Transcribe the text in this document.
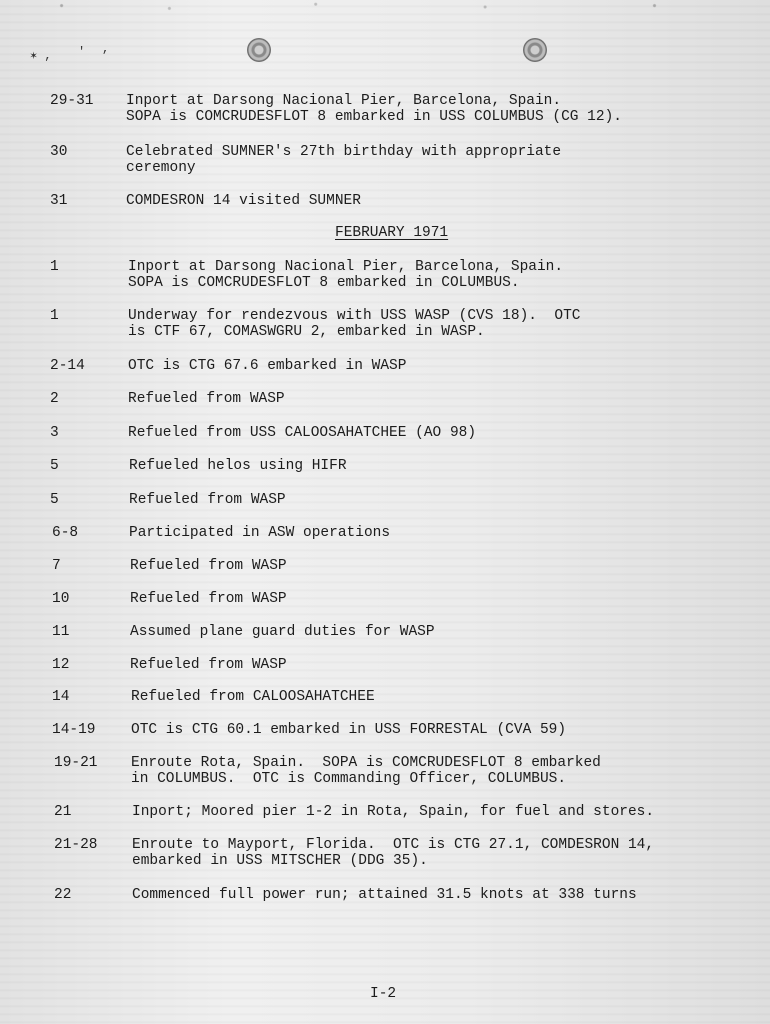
✶ , ' ,
29-31 Inport at Darsong Nacional Pier, Barcelona, Spain.
SOPA is COMCRUDESFLOT 8 embarked in USS COLUMBUS (CG 12).
30	Celebrated SUMNER's 27th birthday with appropriate
ceremony
31	COMDESRON 14 visited SUMNER
FEBRUARY 1971
1	Inport at Darsong Nacional Pier, Barcelona, Spain.
SOPA is COMCRUDESFLOT 8 embarked in COLUMBUS.
1	Underway for rendezvous with USS WASP (CVS 18).  OTC
is CTF 67, COMASWGRU 2, embarked in WASP.
2-14	OTC is CTG 67.6 embarked in WASP
2	Refueled from WASP
3	Refueled from USS CALOOSAHATCHEE (AO 98)
5	Refueled helos using HIFR
5	Refueled from WASP
6-8	Participated in ASW operations
7	Refueled from WASP
10	Refueled from WASP
11	Assumed plane guard duties for WASP
12	Refueled from WASP
14	Refueled from CALOOSAHATCHEE
14-19 OTC is CTG 60.1 embarked in USS FORRESTAL (CVA 59)
19-21 Enroute Rota, Spain.  SOPA is COMCRUDESFLOT 8 embarked
in COLUMBUS.  OTC is Commanding Officer, COLUMBUS.
21	Inport; Moored pier 1-2 in Rota, Spain, for fuel and stores.
21-28 Enroute to Mayport, Florida.  OTC is CTG 27.1, COMDESRON 14,
embarked in USS MITSCHER (DDG 35).
22	Commenced full power run; attained 31.5 knots at 338 turns
I-2
